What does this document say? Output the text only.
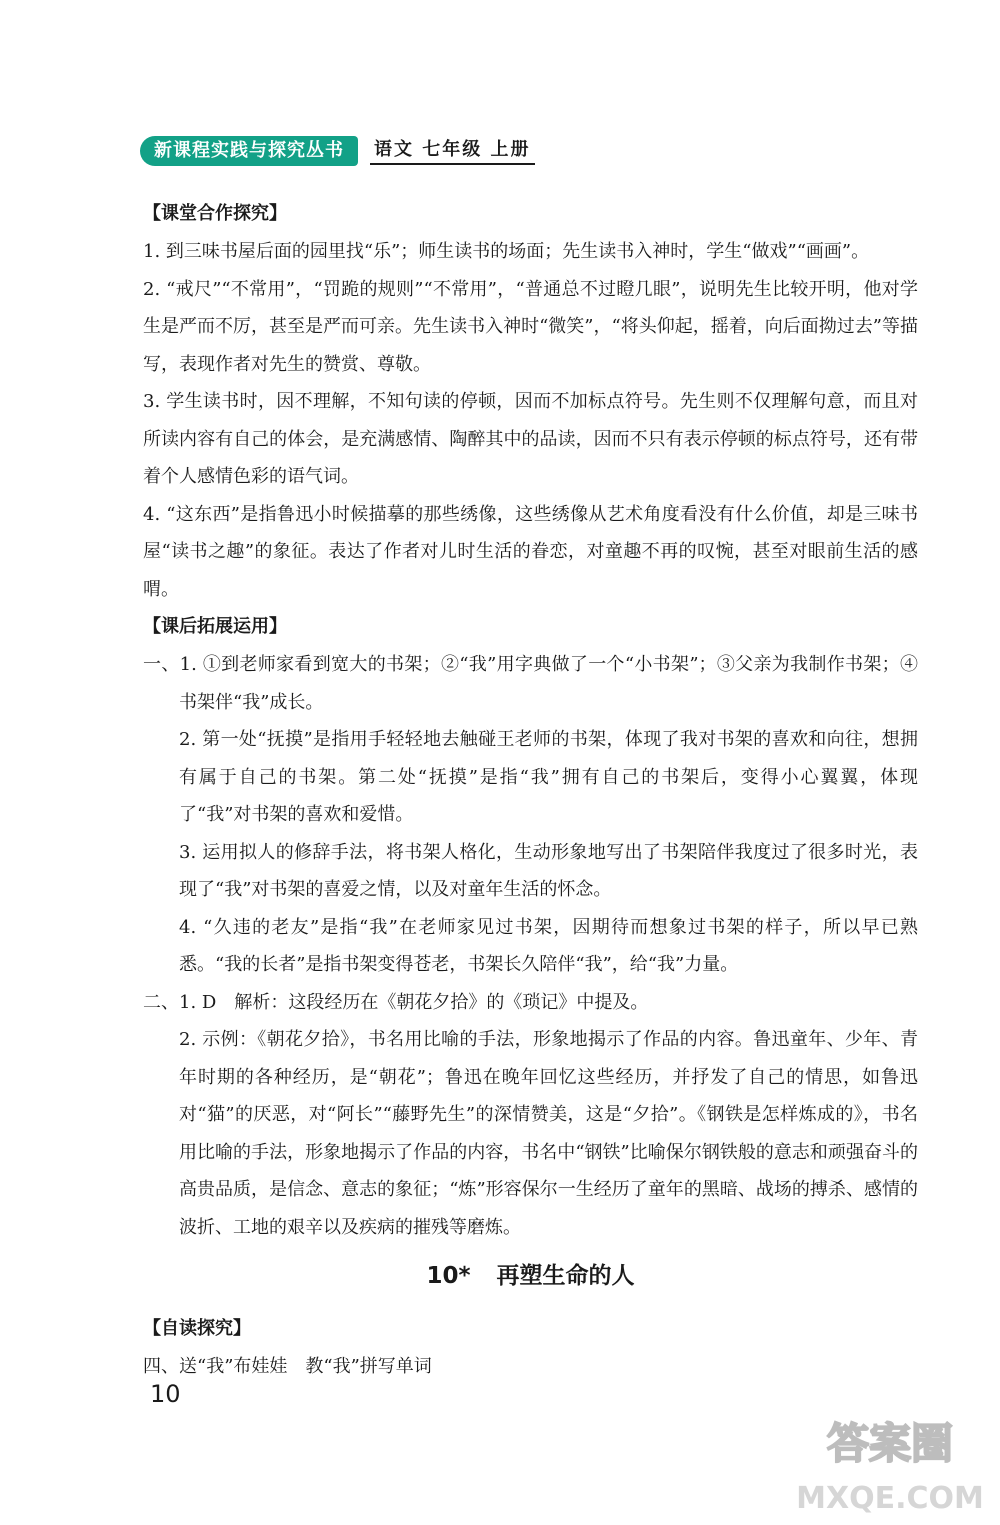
新课程实践与探究丛书	语文 七年级 上册

【课堂合作探究】

1. 到三味书屋后面的园里找“乐”；师生读书的场面；先生读书入神时，学生“做戏”“画画”。

2. “戒尺”“不常用”，“罚跪的规则”“不常用”，“普通总不过瞪几眼”，说明先生比较开明，他对学生是严而不厉，甚至是严而可亲。先生读书入神时“微笑”，“将头仰起，摇着，向后面拗过去”等描写，表现作者对先生的赞赏、尊敬。

3. 学生读书时，因不理解，不知句读的停顿，因而不加标点符号。先生则不仅理解句意，而且对所读内容有自己的体会，是充满感情、陶醉其中的品读，因而不只有表示停顿的标点符号，还有带着个人感情色彩的语气词。

4. “这东西”是指鲁迅小时候描摹的那些绣像，这些绣像从艺术角度看没有什么价值，却是三味书屋“读书之趣”的象征。表达了作者对儿时生活的眷恋，对童趣不再的叹惋，甚至对眼前生活的感喟。

【课后拓展运用】

一、1. ①到老师家看到宽大的书架；②“我”用字典做了一个“小书架”；③父亲为我制作书架；④书架伴“我”成长。

2. 第一处“抚摸”是指用手轻轻地去触碰王老师的书架，体现了我对书架的喜欢和向往，想拥有属于自己的书架。第二处“抚摸”是指“我”拥有自己的书架后，变得小心翼翼，体现了“我”对书架的喜欢和爱惜。

3. 运用拟人的修辞手法，将书架人格化，生动形象地写出了书架陪伴我度过了很多时光，表现了“我”对书架的喜爱之情，以及对童年生活的怀念。

4. “久违的老友”是指“我”在老师家见过书架，因期待而想象过书架的样子，所以早已熟悉。“我的长者”是指书架变得苍老，书架长久陪伴“我”，给“我”力量。

二、1. D　解析：这段经历在《朝花夕拾》的《琐记》中提及。

2. 示例：《朝花夕拾》，书名用比喻的手法，形象地揭示了作品的内容。鲁迅童年、少年、青年时期的各种经历，是“朝花”；鲁迅在晚年回忆这些经历，并抒发了自己的情思，如鲁迅对“猫”的厌恶，对“阿长”“藤野先生”的深情赞美，这是“夕拾”。《钢铁是怎样炼成的》，书名用比喻的手法，形象地揭示了作品的内容，书名中“钢铁”比喻保尔钢铁般的意志和顽强奋斗的高贵品质，是信念、意志的象征；“炼”形容保尔一生经历了童年的黑暗、战场的搏杀、感情的波折、工地的艰辛以及疾病的摧残等磨炼。

10* 再塑生命的人

【自读探究】

四、送“我”布娃娃　教“我”拼写单词

10
答案圈
MXQE.COM
